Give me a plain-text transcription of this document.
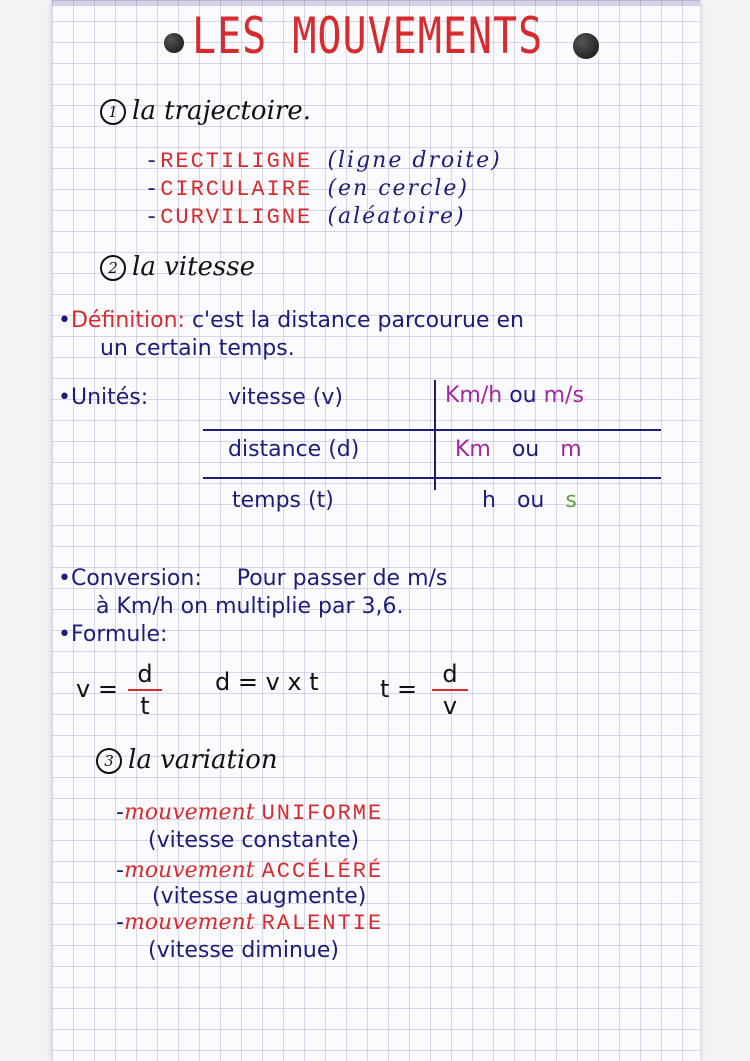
LES MOUVEMENTS
1 la trajectoire.
-RECTILIGNE (ligne droite)
-CIRCULAIRE (en cercle)
-CURVILIGNE (aléatoire)
2 la vitesse
•Définition: c'est la distance parcourue en
un certain temps.
•Unités:	vitesse (v)	Km/h ou m/s
distance (d)	Km ou m
temps (t)	h ou s
•Conversion: Pour passer de m/s
à Km/h on multiplie par 3,6.
•Formule:
v =
d
t
d = v x t	t =
d
v
3 la variation
-mouvement UNIFORME
(vitesse constante)
-mouvement ACCÉLÉRÉ
(vitesse augmente)
-mouvement RALENTIE
(vitesse diminue)
